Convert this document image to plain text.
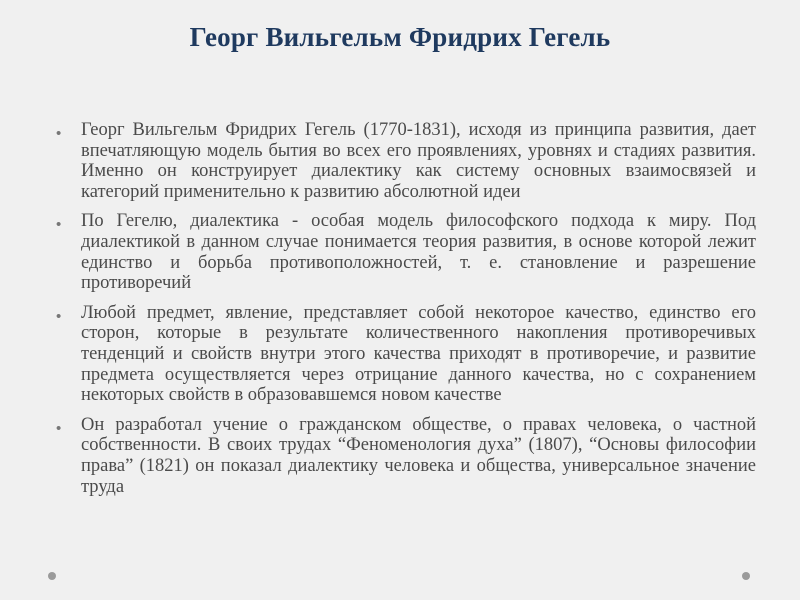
Георг Вильгельм Фридрих Гегель
• Георг Вильгельм Фридрих Гегель (1770-1831), исходя из принципа развития, дает впечатляющую модель бытия во всех его проявлениях, уровнях и стадиях развития. Именно он конструирует диалектику как систему основных взаимосвязей и категорий применительно к развитию абсолютной идеи
• По Гегелю, диалектика - особая модель философского подхода к миру. Под диалектикой в данном случае понимается теория развития, в основе которой лежит единство и борьба противоположностей, т. е. становление и разрешение противоречий
• Любой предмет, явление, представляет собой некоторое качество, единство его сторон, которые в результате количественного накопления противоречивых тенденций и свойств внутри этого качества приходят в противоречие, и развитие предмета осуществляется через отрицание данного качества, но с сохранением некоторых свойств в образовавшемся новом качестве
• Он разработал учение о гражданском обществе, о правах человека, о частной собственности. В своих трудах “Феноменология духа” (1807), “Основы философии права” (1821) он показал диалектику человека и общества, универсальное значение труда
